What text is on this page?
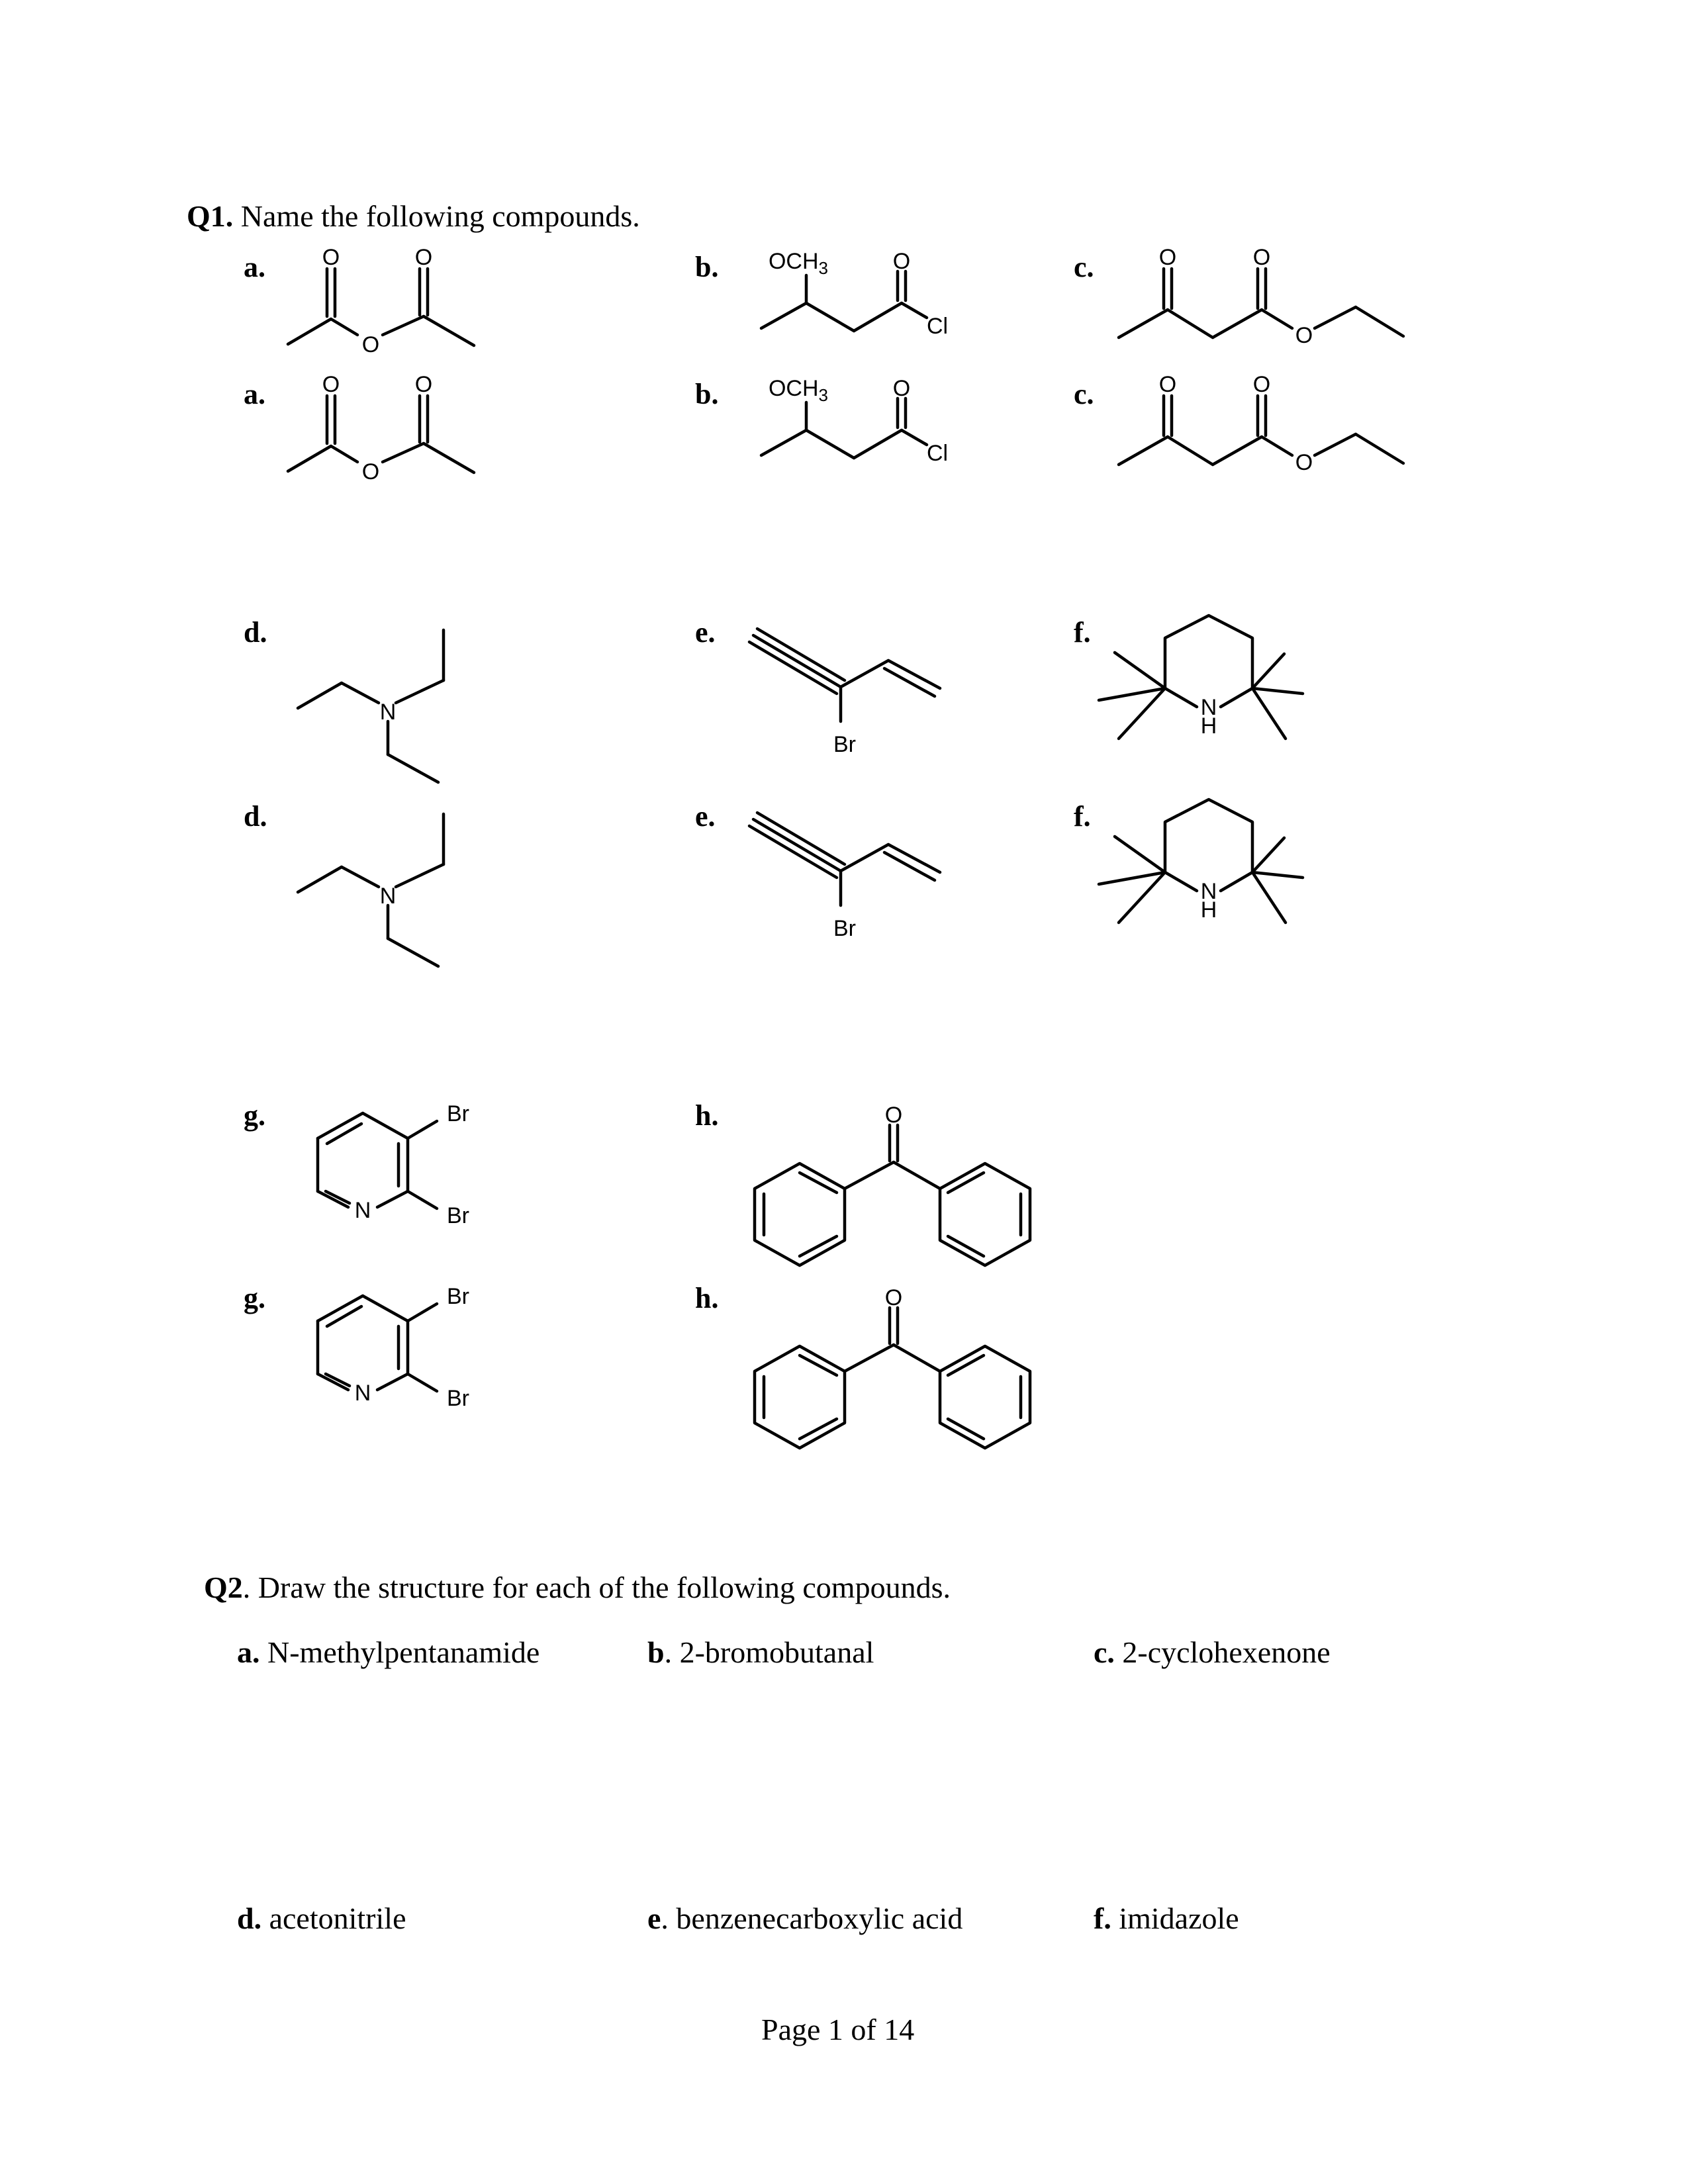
Q1. Name the following compounds.
a.	b.	c.
a.	b.	c.
O	O
O
O	O
O
$OCH_3$	O
Cl
$OCH_3$	O
Cl
O	O
O
O	O
O
d.	e.	f.
d.	e.	f.
N
N
Br
Br
N
H
N
H
g.	h.
g.	h.
N
Br
Br
N
Br
Br
O
O
Q2. Draw the structure for each of the following compounds.
a. N-methylpentanamide	b. 2-bromobutanal	c. 2-cyclohexenone
d. acetonitrile	e. benzenecarboxylic acid	f. imidazole
Page 1 of 14
